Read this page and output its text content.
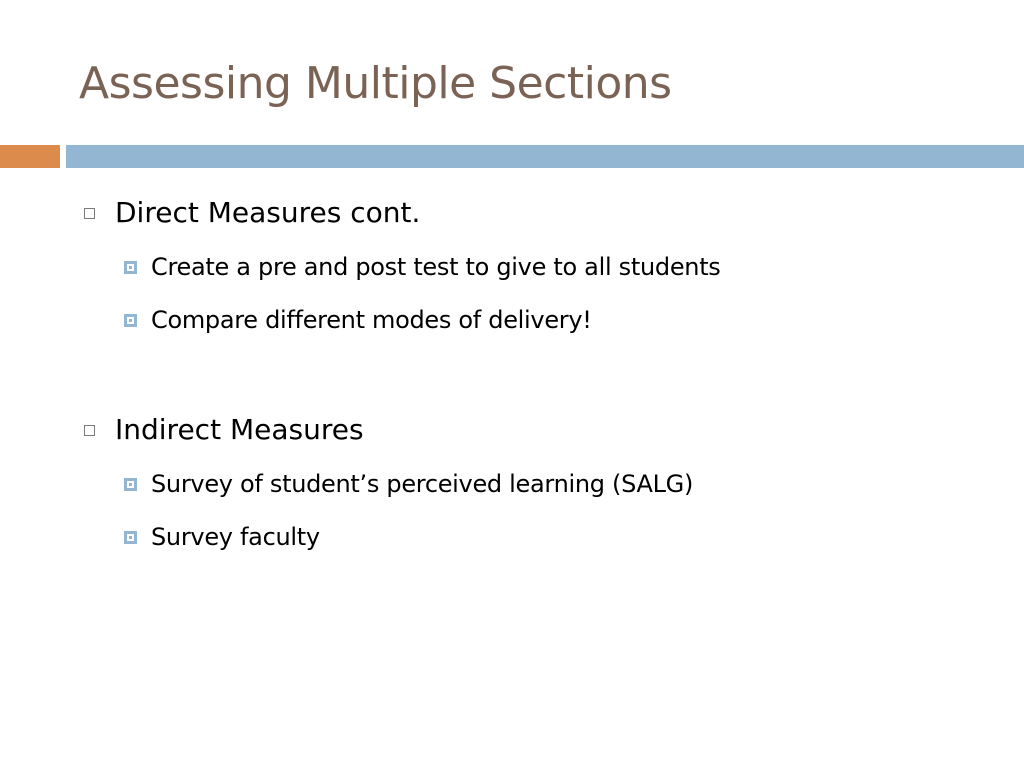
Assessing Multiple Sections
Direct Measures cont.
Create a pre and post test to give to all students
Compare different modes of delivery!
Indirect Measures
Survey of student’s perceived learning (SALG)
Survey faculty
